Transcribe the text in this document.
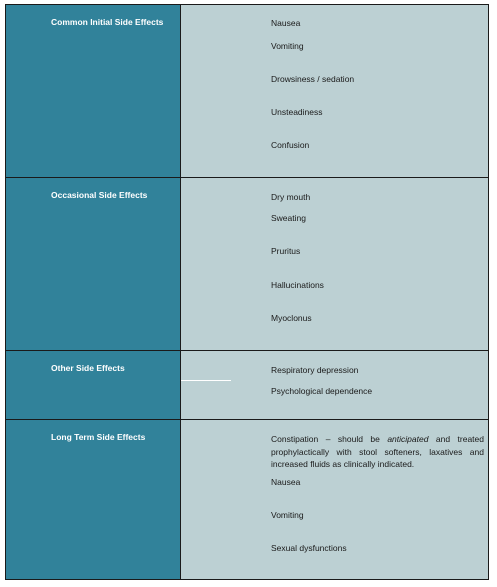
Common Initial Side Effects	Nausea
Vomiting
Drowsiness / sedation
Unsteadiness
Confusion
Occasional Side Effects	Dry mouth
Sweating
Pruritus
Hallucinations
Myoclonus
Other Side Effects	Respiratory depression
Psychological dependence
Long Term Side Effects	Constipation – should be anticipated and treated prophylactically with stool softeners, laxatives and increased fluids as clinically indicated.
Nausea
Vomiting
Sexual dysfunctions
